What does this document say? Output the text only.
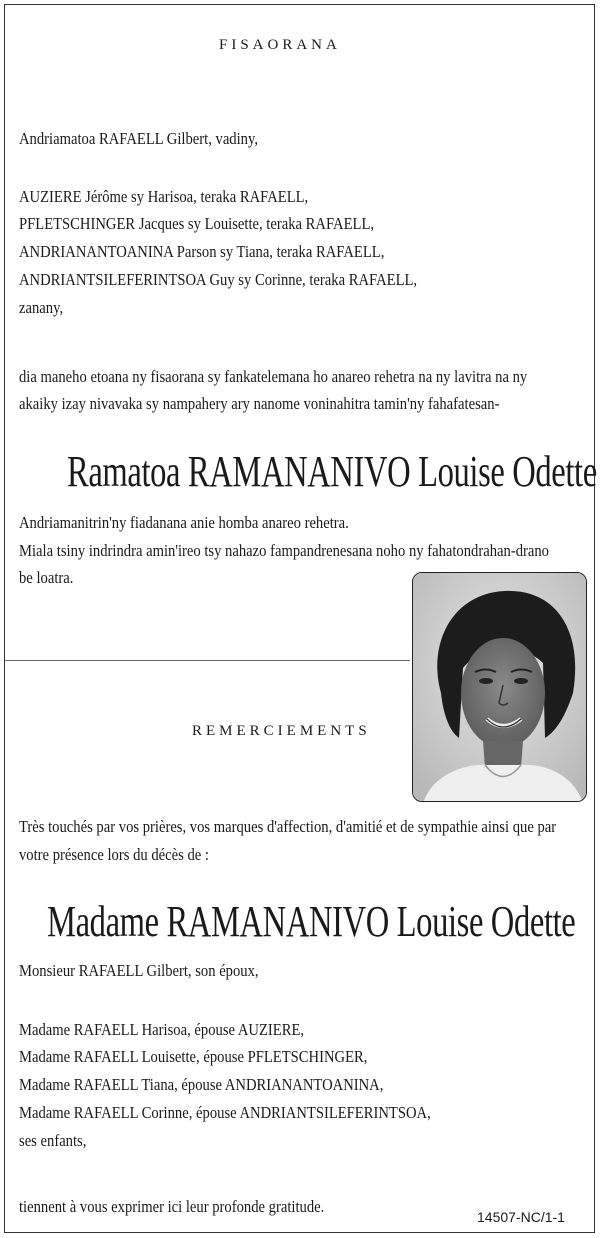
FISAORANA
Andriamatoa RAFAELL Gilbert, vadiny,
AUZIERE Jérôme sy Harisoa, teraka RAFAELL,
PFLETSCHINGER Jacques sy Louisette, teraka RAFAELL,
ANDRIANANTOANINA Parson sy Tiana, teraka RAFAELL,
ANDRIANTSILEFERINTSOA Guy sy Corinne, teraka RAFAELL,
zanany,
dia maneho etoana ny fisaorana sy fankatelemana ho anareo rehetra na ny lavitra na ny
akaiky izay nivavaka sy nampahery ary nanome voninahitra tamin'ny fahafatesan-
Ramatoa RAMANANIVO Louise Odette
Andriamanitrin'ny fiadanana anie homba anareo rehetra.
Miala tsiny indrindra amin'ireo tsy nahazo fampandrenesana noho ny fahatondrahan-drano
be loatra.
REMERCIEMENTS
Très touchés par vos prières, vos marques d'affection, d'amitié et de sympathie ainsi que par
votre présence lors du décès de :
Madame RAMANANIVO Louise Odette
Monsieur RAFAELL Gilbert, son époux,
Madame RAFAELL Harisoa, épouse AUZIERE,
Madame RAFAELL Louisette, épouse PFLETSCHINGER,
Madame RAFAELL Tiana, épouse ANDRIANANTOANINA,
Madame RAFAELL Corinne, épouse ANDRIANTSILEFERINTSOA,
ses enfants,
tiennent à vous exprimer ici leur profonde gratitude.
14507-NC/1-1
